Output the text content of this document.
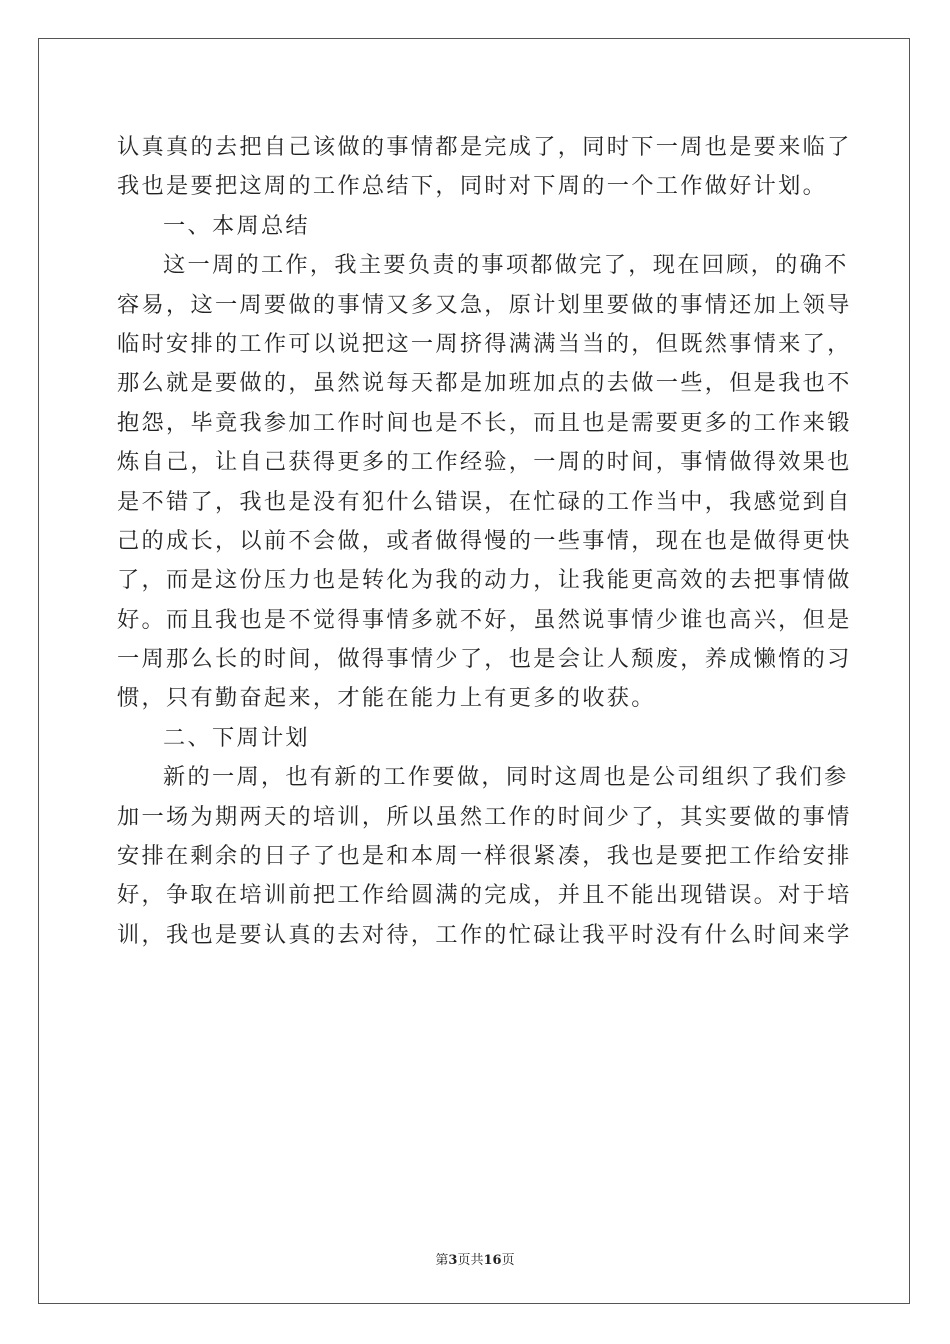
认真真的去把自己该做的事情都是完成了，同时下一周也是要来临了
我也是要把这周的工作总结下，同时对下周的一个工作做好计划。
一、本周总结
这一周的工作，我主要负责的事项都做完了，现在回顾，的确不
容易，这一周要做的事情又多又急，原计划里要做的事情还加上领导
临时安排的工作可以说把这一周挤得满满当当的，但既然事情来了，
那么就是要做的，虽然说每天都是加班加点的去做一些，但是我也不
抱怨，毕竟我参加工作时间也是不长，而且也是需要更多的工作来锻
炼自己，让自己获得更多的工作经验，一周的时间，事情做得效果也
是不错了，我也是没有犯什么错误，在忙碌的工作当中，我感觉到自
己的成长，以前不会做，或者做得慢的一些事情，现在也是做得更快
了，而是这份压力也是转化为我的动力，让我能更高效的去把事情做
好。而且我也是不觉得事情多就不好，虽然说事情少谁也高兴，但是
一周那么长的时间，做得事情少了，也是会让人颓废，养成懒惰的习
惯，只有勤奋起来，才能在能力上有更多的收获。
二、下周计划
新的一周，也有新的工作要做，同时这周也是公司组织了我们参
加一场为期两天的培训，所以虽然工作的时间少了，其实要做的事情
安排在剩余的日子了也是和本周一样很紧凑，我也是要把工作给安排
好，争取在培训前把工作给圆满的完成，并且不能出现错误。对于培
训，我也是要认真的去对待，工作的忙碌让我平时没有什么时间来学
第3页共16页
